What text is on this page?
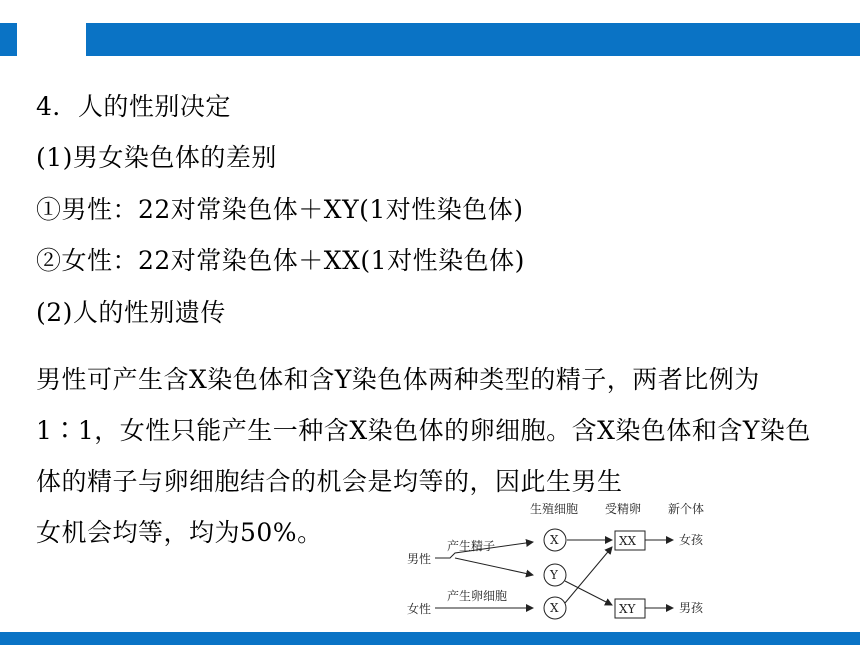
4．人的性别决定
(1)男女染色体的差别
①男性：22对常染色体＋XY(1对性染色体)
②女性：22对常染色体＋XX(1对性染色体)
(2)人的性别遗传
男性可产生含X染色体和含Y染色体两种类型的精子，两者比例为1∶1，女性只能产生一种含X染色体的卵细胞。含X染色体和含Y染色体的精子与卵细胞结合的机会是均等的，因此生男生
女机会均等，均为50%。
生殖细胞 受精卵 新个体
男性
产生精子	X
Y
女性
产生卵细胞
X
XX
XY
女孩
男孩
